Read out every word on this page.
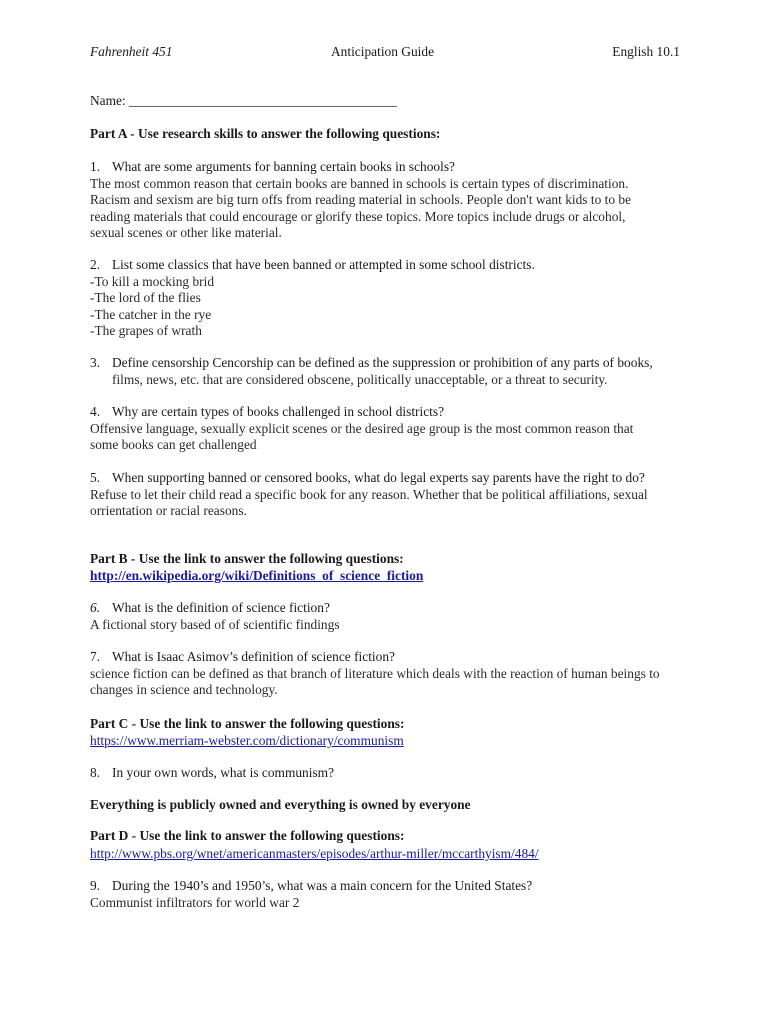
Fahrenheit 451	Anticipation Guide	English 10.1
Name: ________________________________________
Part A - Use research skills to answer the following questions:
1. What are some arguments for banning certain books in schools?
The most common reason that certain books are banned in schools is certain types of discrimination.
Racism and sexism are big turn offs from reading material in schools. People don't want kids to to be
reading materials that could encourage or glorify these topics. More topics include drugs or alcohol,
sexual scenes or other like material.
2. List some classics that have been banned or attempted in some school districts.
-To kill a mocking brid
-The lord of the flies
-The catcher in the rye
-The grapes of wrath
3. Define censorship Cencorship can be defined as the suppression or prohibition of any parts of books,
films, news, etc. that are considered obscene, politically unacceptable, or a threat to security.
4. Why are certain types of books challenged in school districts?
Offensive language, sexually explicit scenes or the desired age group is the most common reason that
some books can get challenged
5. When supporting banned or censored books, what do legal experts say parents have the right to do?
Refuse to let their child read a specific book for any reason. Whether that be political affiliations, sexual
orrientation or racial reasons.
Part B - Use the link to answer the following questions:
http://en.wikipedia.org/wiki/Definitions_of_science_fiction
6. What is the definition of science fiction?
A fictional story based of of scientific findings
7. What is Isaac Asimov’s definition of science fiction?
science fiction can be defined as that branch of literature which deals with the reaction of human beings to
changes in science and technology.
Part C - Use the link to answer the following questions:
https://www.merriam-webster.com/dictionary/communism
8. In your own words, what is communism?
Everything is publicly owned and everything is owned by everyone
Part D - Use the link to answer the following questions:
http://www.pbs.org/wnet/americanmasters/episodes/arthur-miller/mccarthyism/484/
9. During the 1940’s and 1950’s, what was a main concern for the United States?
Communist infiltrators for world war 2
